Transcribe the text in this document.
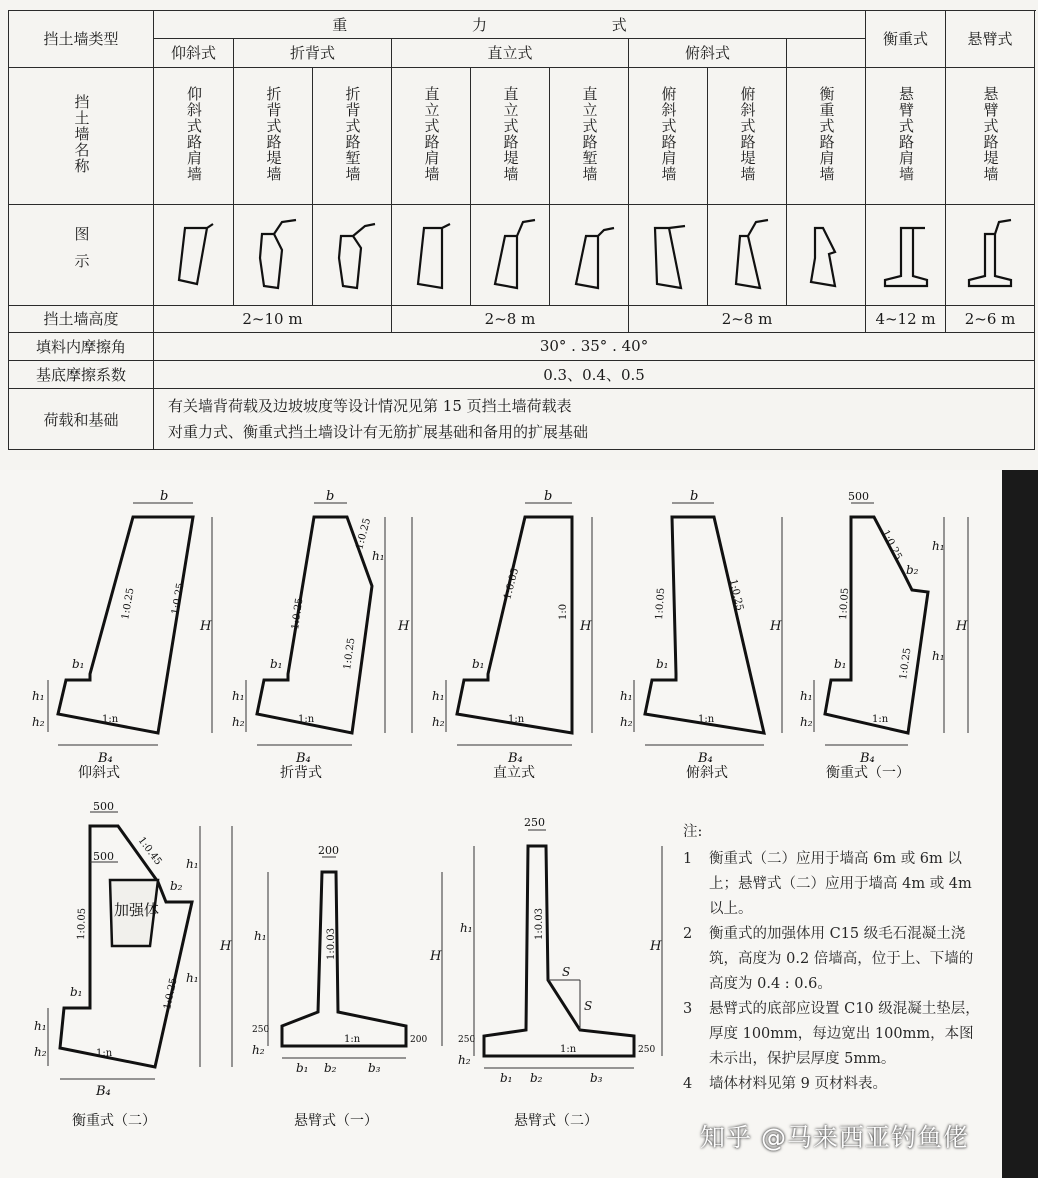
挡土墙类型	重 力 式									衡重式	悬臂式
	仰斜式	折背式		直立式			俯斜式				
挡土墙名称	仰斜式路肩墙	折背式路堤墙	折背式路堑墙	直立式路肩墙	直立式路堤墙	直立式路堑墙	俯斜式路肩墙	俯斜式路堤墙	衡重式路肩墙	悬臂式路肩墙	悬臂式路堤墙
图示											
挡土墙高度	2~10 m			2~8 m			2~8 m			4~12 m	2~6 m
填料内摩擦角	30° . 35° . 40°										
基底摩擦系数	0.3、0.4、0.5										
荷载和基础	有关墙背荷载及边坡坡度等设计情况见第 15 页挡土墙荷载表
对重力式、衡重式挡土墙设计有无筋扩展基础和备用的扩展基础										
b
H
B₄
1:0.25	1:0.25
1:n
b₁
h₁
h₂
仰斜式
b
H
h₁
B₄
1:0.25
1:0.25
1:0.25
1:n
b₁
h₁
h₂
折背式
b
H
B₄
1:0.05
1:0
1:n
b₁
h₁
h₂
直立式
b
H
B₄
1:0.05	1:0.25
1:n
b₁
h₁
h₂
俯斜式
500
H
h₁
h₁
B₄
1:0.05
1:0.25
1:0.25
1:n
b₂
b₁
h₁
h₂
衡重式（一）
加强体
500
500
H
h₁
h₁
B₄
1:0.05
1:0.45
1:0.25
1:n
b₂
b₁
h₁
h₂
衡重式（二）
200
H
h₁
250
h₂
200
1:0.03
1:n
b₁ b₂	b₃
悬臂式（一）
250
H
h₁
250
h₂
250
1:0.03
S
S
1:n
b₁ b₂	b₃
悬臂式（二）
注:
1	衡重式（二）应用于墙高 6m 或 6m 以上；悬臂式（二）应用于墙高 4m 或 4m 以上。
2	衡重式的加强体用 C15 级毛石混凝土浇筑，高度为 0.2 倍墙高，位于上、下墙的高度为 0.4 : 0.6。
3	悬臂式的底部应设置 C10 级混凝土垫层，厚度 100mm，每边宽出 100mm，本图未示出，保护层厚度 5mm。
4	墙体材料见第 9 页材料表。
知乎 @马来西亚钓鱼佬
